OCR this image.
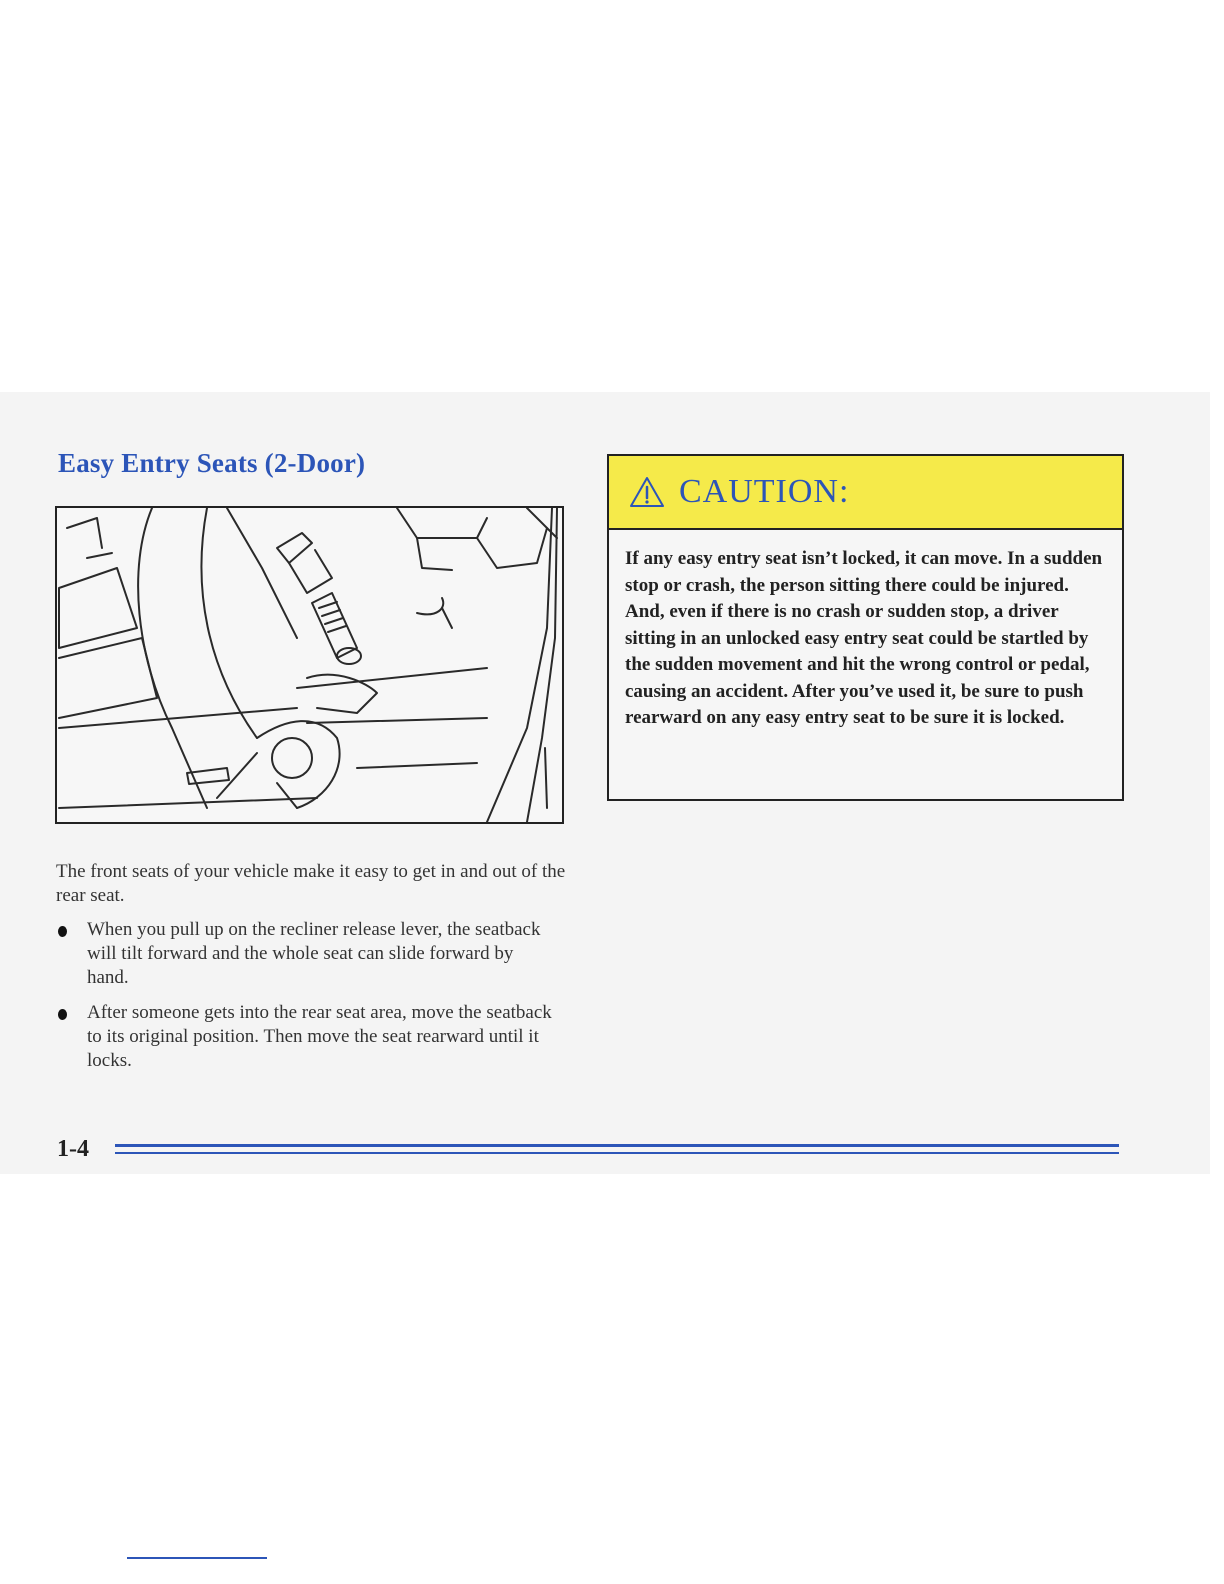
Easy Entry Seats (2-Door)

The front seats of your vehicle make it easy to get in and out of the rear seat.

When you pull up on the recliner release lever, the seatback will tilt forward and the whole seat can slide forward by hand.
After someone gets into the rear seat area, move the seatback to its original position. Then move the seat rearward until it locks.
CAUTION:

If any easy entry seat isn’t locked, it can move. In a sudden stop or crash, the person sitting there could be injured. And, even if there is no crash or sudden stop, a driver sitting in an unlocked easy entry seat could be startled by the sudden movement and hit the wrong control or pedal, causing an accident. After you’ve used it, be sure to push rearward on any easy entry seat to be sure it is locked.

1-4
